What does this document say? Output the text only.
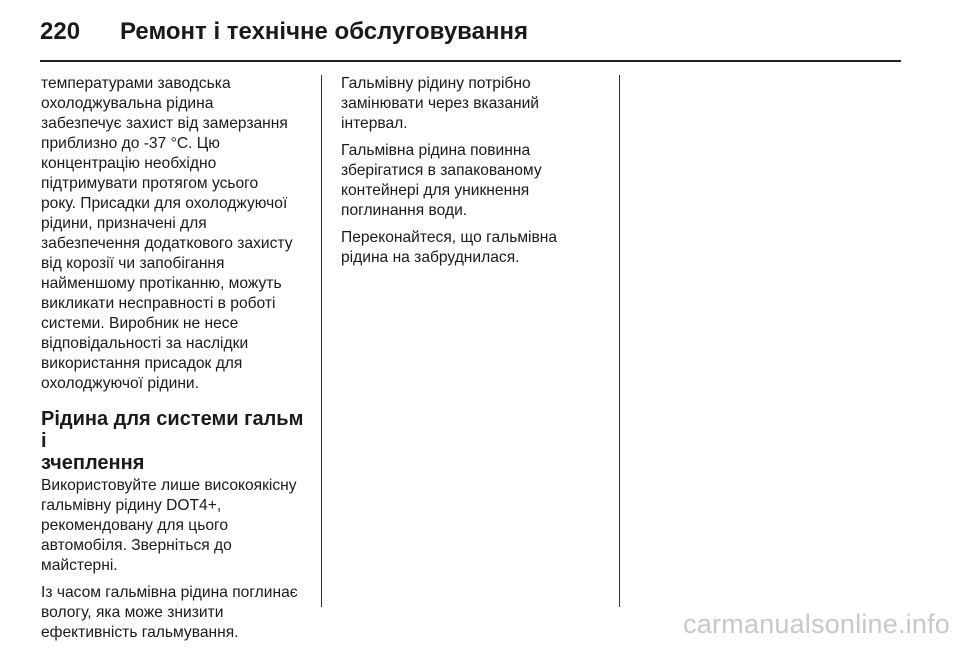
220	Ремонт і технічне обслуговування

температурами заводська
охолоджувальна рідина
забезпечує захист від замерзання
приблизно до -37 °C. Цю
концентрацію необхідно
підтримувати протягом усього
року. Присадки для охолоджуючої
рідини, призначені для
забезпечення додаткового захисту
від корозії чи запобігання
найменшому протіканню, можуть
викликати несправності в роботі
системи. Виробник не несе
відповідальності за наслідки
використання присадок для
охолоджуючої рідини.

Рідина для системи гальм і
зчеплення

Використовуйте лише високоякісну
гальмівну рідину DOT4+,
рекомендовану для цього
автомобіля. Зверніться до
майстерні.

Із часом гальмівна рідина поглинає
вологу, яка може знизити
ефективність гальмування.

Гальмівну рідину потрібно
замінювати через вказаний
інтервал.

Гальмівна рідина повинна
зберігатися в запакованому
контейнері для уникнення
поглинання води.

Переконайтеся, що гальмівна
рідина на забруднилася.

carmanualsonline.info
